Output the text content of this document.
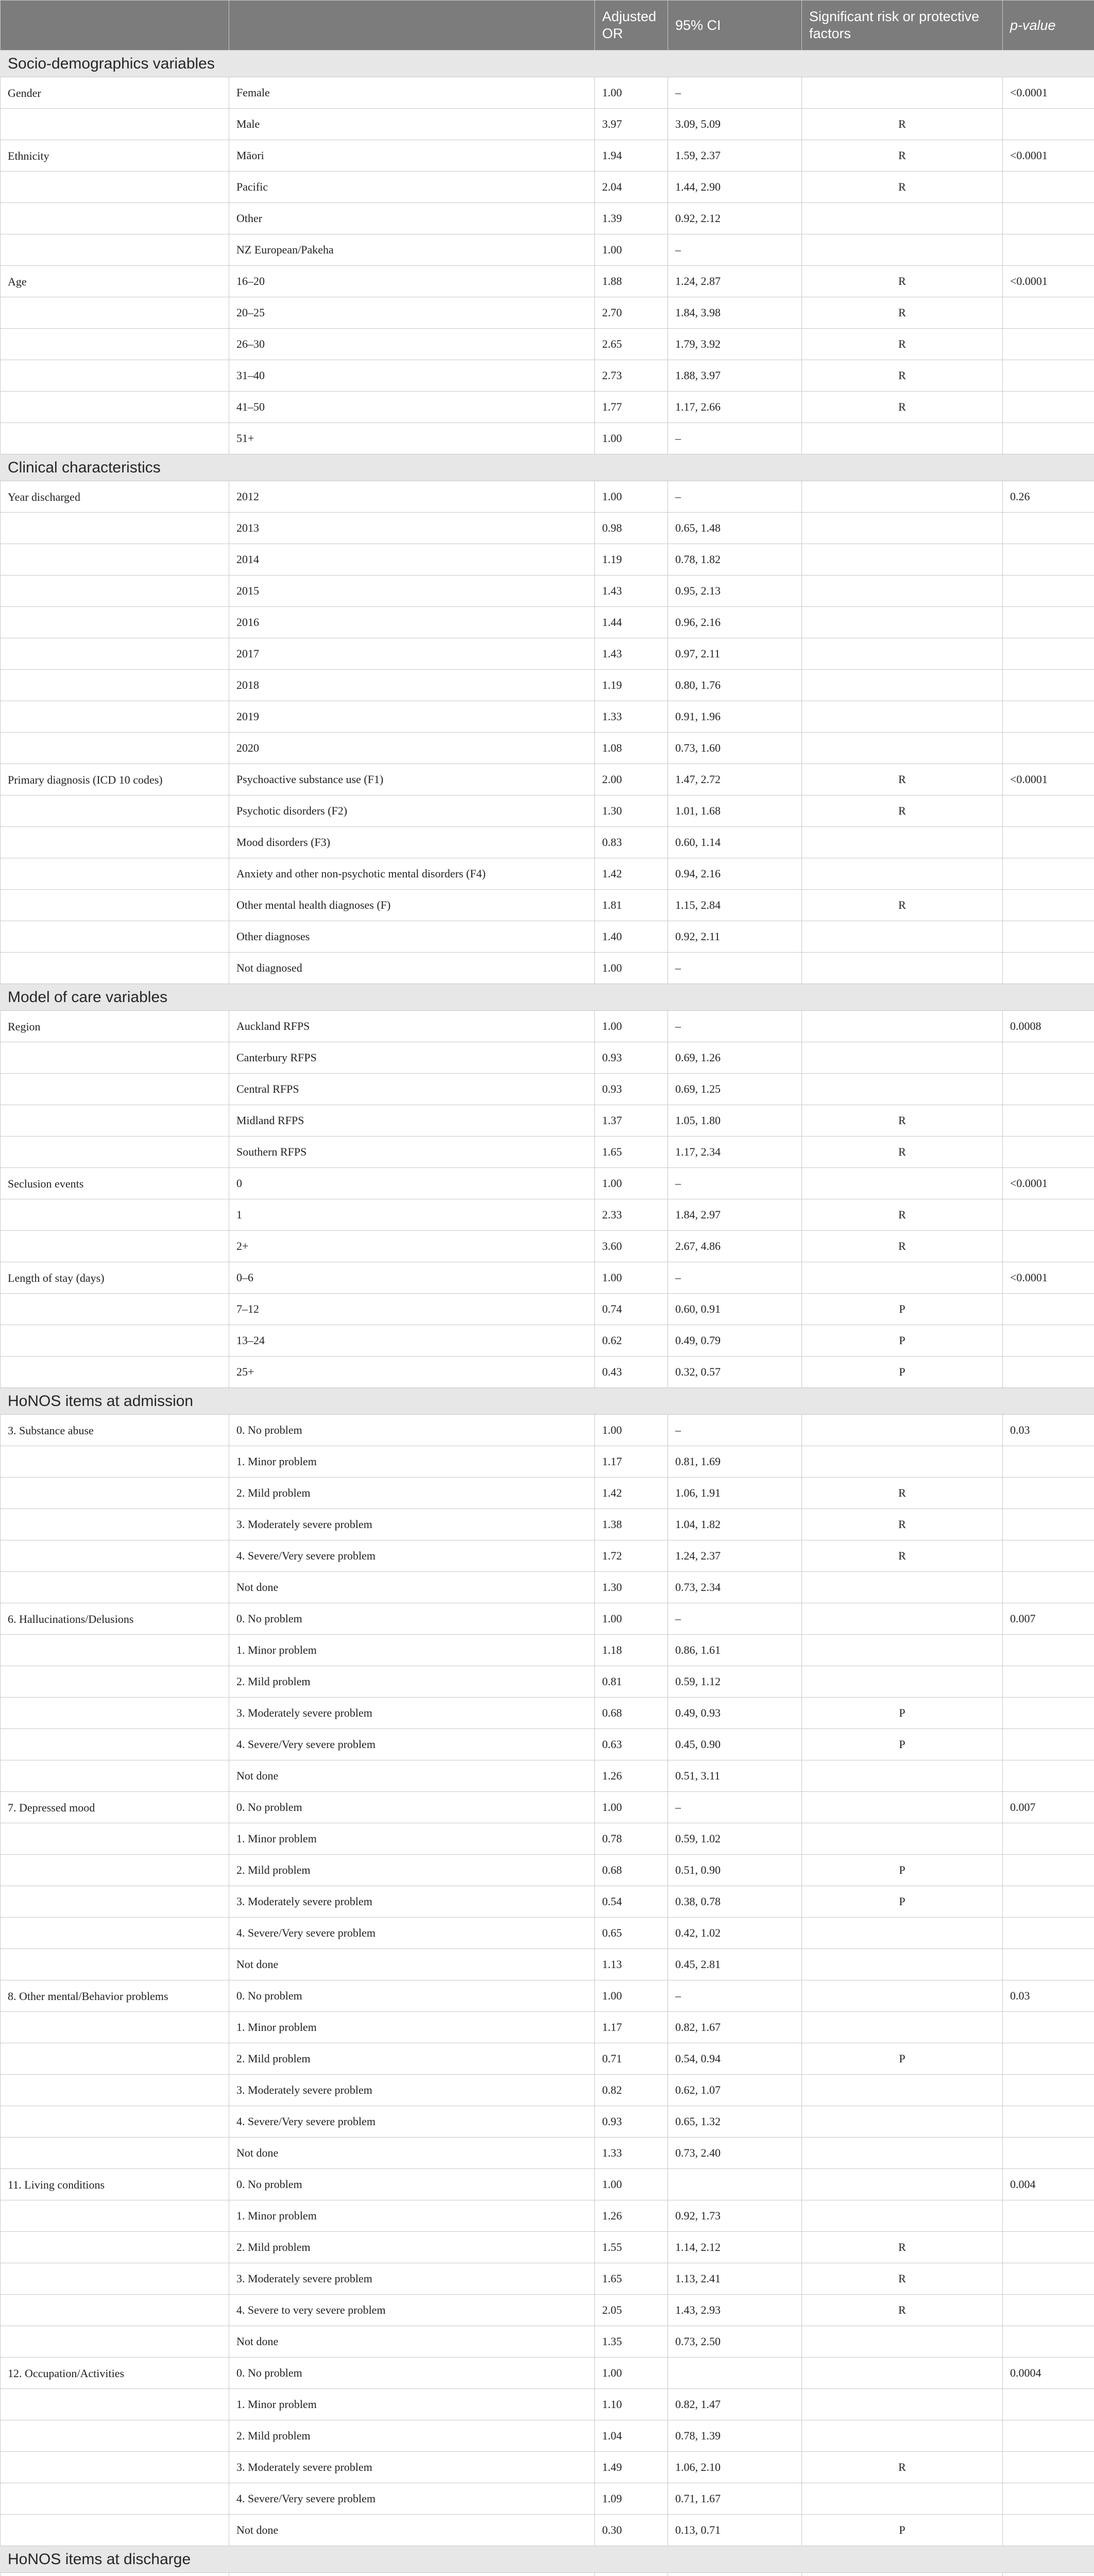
		Adjusted OR	95% CI	Significant risk or protective factors	p-value
Socio-demographics variables					
Gender	Female	1.00	–		<0.0001
	Male	3.97	3.09, 5.09	R	
Ethnicity	Māori	1.94	1.59, 2.37	R	<0.0001
	Pacific	2.04	1.44, 2.90	R	
	Other	1.39	0.92, 2.12		
	NZ European/Pakeha	1.00	–		
Age	16–20	1.88	1.24, 2.87	R	<0.0001
	20–25	2.70	1.84, 3.98	R	
	26–30	2.65	1.79, 3.92	R	
	31–40	2.73	1.88, 3.97	R	
	41–50	1.77	1.17, 2.66	R	
	51+	1.00	–		
Clinical characteristics					
Year discharged	2012	1.00	–		0.26
	2013	0.98	0.65, 1.48		
	2014	1.19	0.78, 1.82		
	2015	1.43	0.95, 2.13		
	2016	1.44	0.96, 2.16		
	2017	1.43	0.97, 2.11		
	2018	1.19	0.80, 1.76		
	2019	1.33	0.91, 1.96		
	2020	1.08	0.73, 1.60		
Primary diagnosis (ICD 10 codes)	Psychoactive substance use (F1)	2.00	1.47, 2.72	R	<0.0001
	Psychotic disorders (F2)	1.30	1.01, 1.68	R	
	Mood disorders (F3)	0.83	0.60, 1.14		
	Anxiety and other non-psychotic mental disorders (F4)	1.42	0.94, 2.16		
	Other mental health diagnoses (F)	1.81	1.15, 2.84	R	
	Other diagnoses	1.40	0.92, 2.11		
	Not diagnosed	1.00	–		
Model of care variables					
Region	Auckland RFPS	1.00	–		0.0008
	Canterbury RFPS	0.93	0.69, 1.26		
	Central RFPS	0.93	0.69, 1.25		
	Midland RFPS	1.37	1.05, 1.80	R	
	Southern RFPS	1.65	1.17, 2.34	R	
Seclusion events	0	1.00	–		<0.0001
	1	2.33	1.84, 2.97	R	
	2+	3.60	2.67, 4.86	R	
Length of stay (days)	0–6	1.00	–		<0.0001
	7–12	0.74	0.60, 0.91	P	
	13–24	0.62	0.49, 0.79	P	
	25+	0.43	0.32, 0.57	P	
HoNOS items at admission					
3. Substance abuse	0. No problem	1.00	–		0.03
	1. Minor problem	1.17	0.81, 1.69		
	2. Mild problem	1.42	1.06, 1.91	R	
	3. Moderately severe problem	1.38	1.04, 1.82	R	
	4. Severe/Very severe problem	1.72	1.24, 2.37	R	
	Not done	1.30	0.73, 2.34		
6. Hallucinations/Delusions	0. No problem	1.00	–		0.007
	1. Minor problem	1.18	0.86, 1.61		
	2. Mild problem	0.81	0.59, 1.12		
	3. Moderately severe problem	0.68	0.49, 0.93	P	
	4. Severe/Very severe problem	0.63	0.45, 0.90	P	
	Not done	1.26	0.51, 3.11		
7. Depressed mood	0. No problem	1.00	–		0.007
	1. Minor problem	0.78	0.59, 1.02		
	2. Mild problem	0.68	0.51, 0.90	P	
	3. Moderately severe problem	0.54	0.38, 0.78	P	
	4. Severe/Very severe problem	0.65	0.42, 1.02		
	Not done	1.13	0.45, 2.81		
8. Other mental/Behavior problems	0. No problem	1.00	–		0.03
	1. Minor problem	1.17	0.82, 1.67		
	2. Mild problem	0.71	0.54, 0.94	P	
	3. Moderately severe problem	0.82	0.62, 1.07		
	4. Severe/Very severe problem	0.93	0.65, 1.32		
	Not done	1.33	0.73, 2.40		
11. Living conditions	0. No problem	1.00			0.004
	1. Minor problem	1.26	0.92, 1.73		
	2. Mild problem	1.55	1.14, 2.12	R	
	3. Moderately severe problem	1.65	1.13, 2.41	R	
	4. Severe to very severe problem	2.05	1.43, 2.93	R	
	Not done	1.35	0.73, 2.50		
12. Occupation/Activities	0. No problem	1.00			0.0004
	1. Minor problem	1.10	0.82, 1.47		
	2. Mild problem	1.04	0.78, 1.39		
	3. Moderately severe problem	1.49	1.06, 2.10	R	
	4. Severe/Very severe problem	1.09	0.71, 1.67		
	Not done	0.30	0.13, 0.71	P	
HoNOS items at discharge					
